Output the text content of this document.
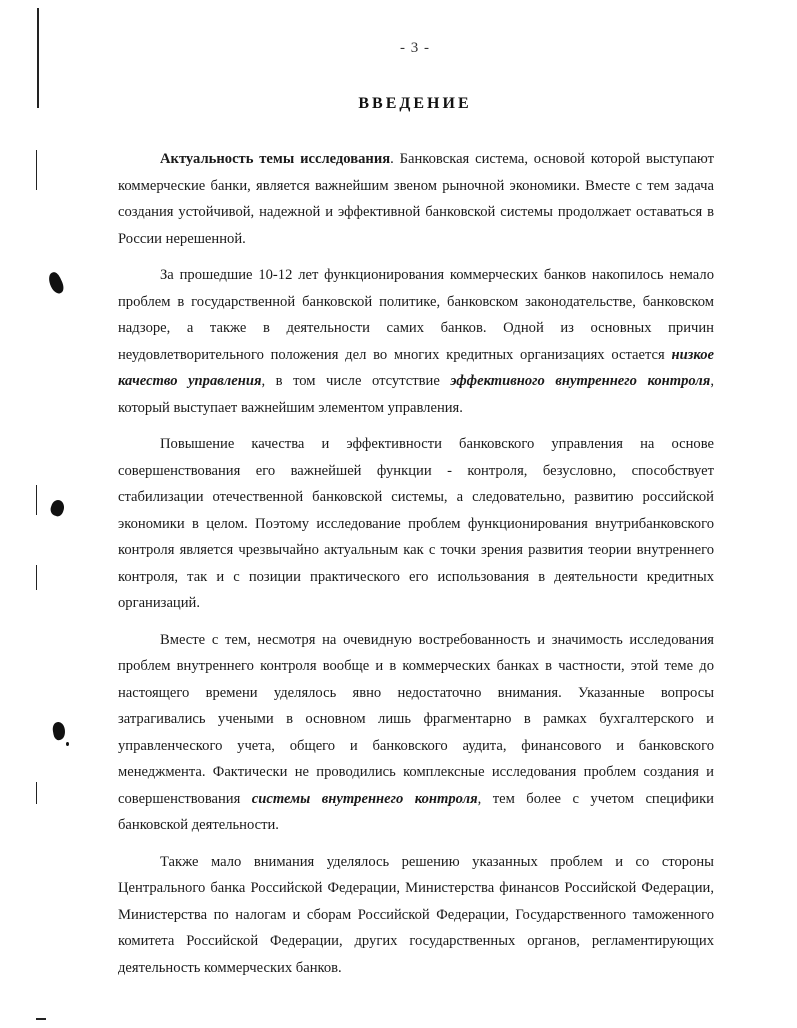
- 3 -
ВВЕДЕНИЕ

Актуальность темы исследования. Банковская система, основой которой выступают коммерческие банки, является важнейшим звеном рыночной экономики. Вместе с тем задача создания устойчивой, надежной и эффективной банковской системы продолжает оставаться в России нерешенной.

За прошедшие 10-12 лет функционирования коммерческих банков накопилось немало проблем в государственной банковской политике, банковском законодательстве, банковском надзоре, а также в деятельности самих банков. Одной из основных причин неудовлетворительного положения дел во многих кредитных организациях остается низкое качество управления, в том числе отсутствие эффективного внутреннего контроля, который выступает важнейшим элементом управления.

Повышение качества и эффективности банковского управления на основе совершенствования его важнейшей функции - контроля, безусловно, способствует стабилизации отечественной банковской системы, а следовательно, развитию российской экономики в целом. Поэтому исследование проблем функционирования внутрибанковского контроля является чрезвычайно актуальным как с точки зрения развития теории внутреннего контроля, так и с позиции практического его использования в деятельности кредитных организаций.

Вместе с тем, несмотря на очевидную востребованность и значимость исследования проблем внутреннего контроля вообще и в коммерческих банках в частности, этой теме до настоящего времени уделялось явно недостаточно внимания. Указанные вопросы затрагивались учеными в основном лишь фрагментарно в рамках бухгалтерского и управленческого учета, общего и банковского аудита, финансового и банковского менеджмента. Фактически не проводились комплексные исследования проблем создания и совершенствования системы внутреннего контроля, тем более с учетом специфики банковской деятельности.

Также мало внимания уделялось решению указанных проблем и со стороны Центрального банка Российской Федерации, Министерства финансов Российской Федерации, Министерства по налогам и сборам Российской Федерации, Государственного таможенного комитета Российской Федерации, других государственных органов, регламентирующих деятельность коммерческих банков.
